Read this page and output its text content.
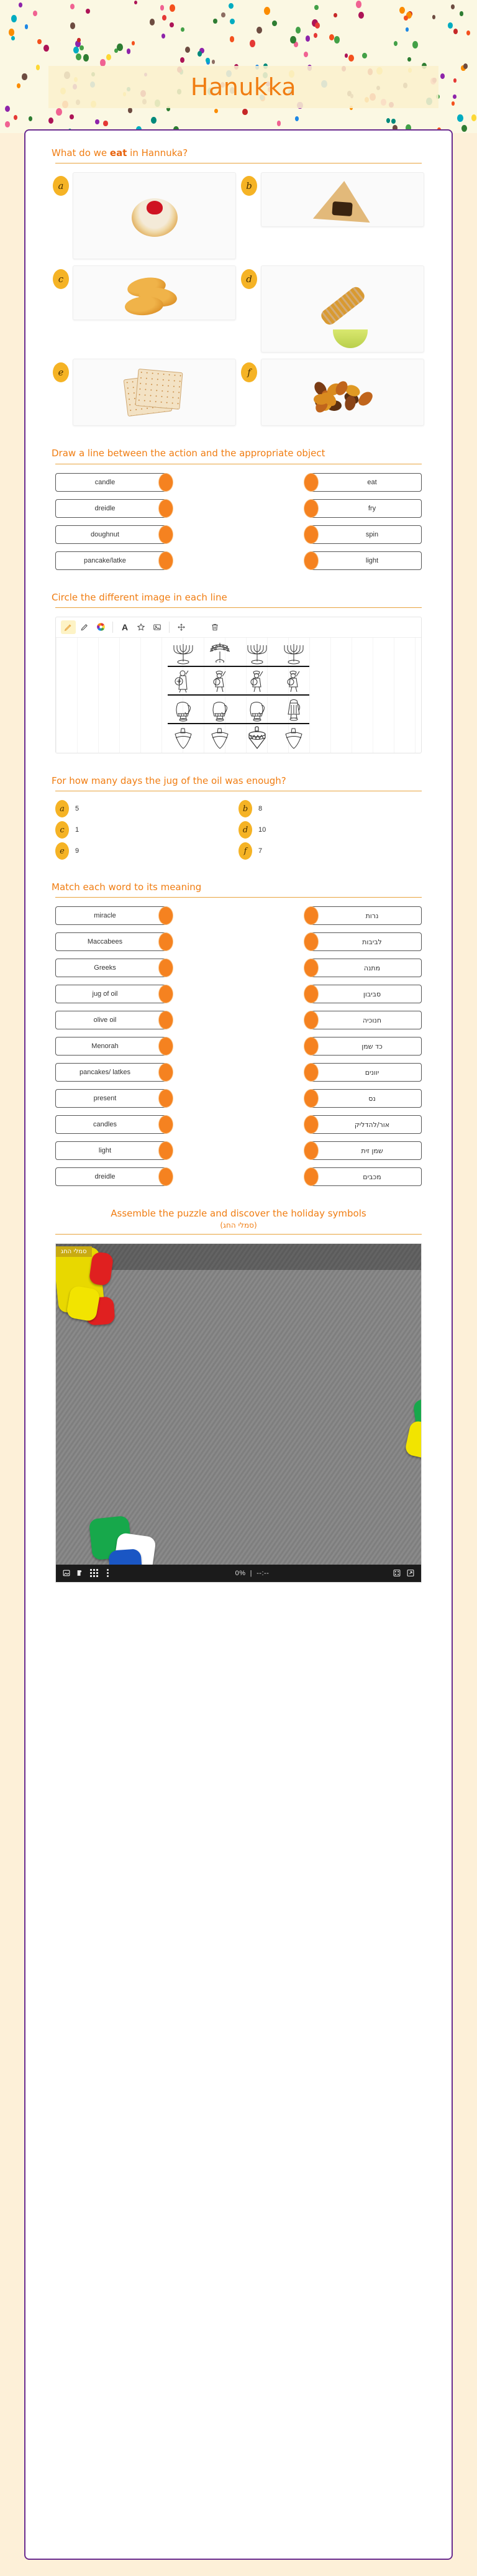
Hanukka
What do we eat in Hannuka?
a	b
c	d
e	f
Draw a line between the action and the appropriate object
candle	eat
dreidle	fry
doughnut	spin
pancake/latke	light
Circle the different image in each line
A
For how many days the jug of the oil was enough?
a	5	b	8
c	1	d	10
e	9	f	7
Match each word to its meaning
miracle	נרות
Maccabees	לביבות
Greeks	מתנה
jug of oil	סביבון
olive oil	חנוכיה
Menorah	כד שמן
pancakes/ latkes	יוונים
present	נס
candles	אור/להדליק
light	שמן זית
dreidle	מכבים
Assemble the puzzle and discover the holiday symbols
(סמלי החג)
סמלי החג
0%  |  --:--
